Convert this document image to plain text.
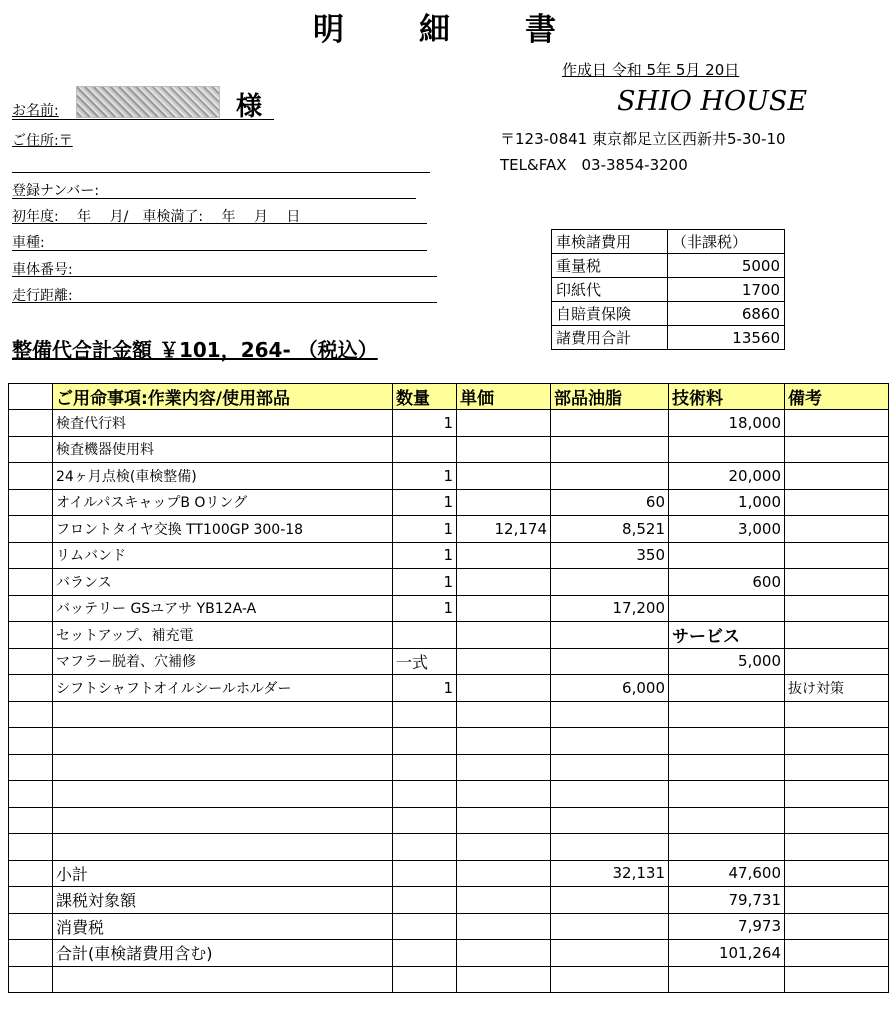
明　細　書
作成日 令和 5年 5月 20日
お名前:	様
ご住所:〒
登録ナンバー:
初年度:　 年　 月/　車検満了:　 年　 月　 日
車種:
車体番号:
走行距離:
整備代合計金額 ￥101，264- （税込）
SHIO HOUSE
〒123-0841 東京都足立区西新井5-30-10
TEL&FAX　03-3854-3200
車検諸費用	（非課税）
重量税	5000
印紙代	1700
自賠責保険	6860
諸費用合計	13560
	ご用命事項:作業内容/使用部品	数量	単価	部品油脂	技術料	備考
	検査代行料	1			18,000	
	検査機器使用料					
	24ヶ月点検(車検整備)	1			20,000	
	オイルパスキャップB Oリング	1		60	1,000	
	フロントタイヤ交換 TT100GP 300-18	1	12,174	8,521	3,000	
	リムバンド	1		350		
	バランス	1			600	
	バッテリー GSユアサ YB12A-A	1		17,200		
	セットアップ、補充電				サービス	
	マフラー脱着、穴補修	一式			5,000	
	シフトシャフトオイルシールホルダー	1		6,000		抜け対策

	小計			32,131	47,600	
	課税対象額				79,731	
	消費税				7,973	
	合計(車検諸費用含む)				101,264	
